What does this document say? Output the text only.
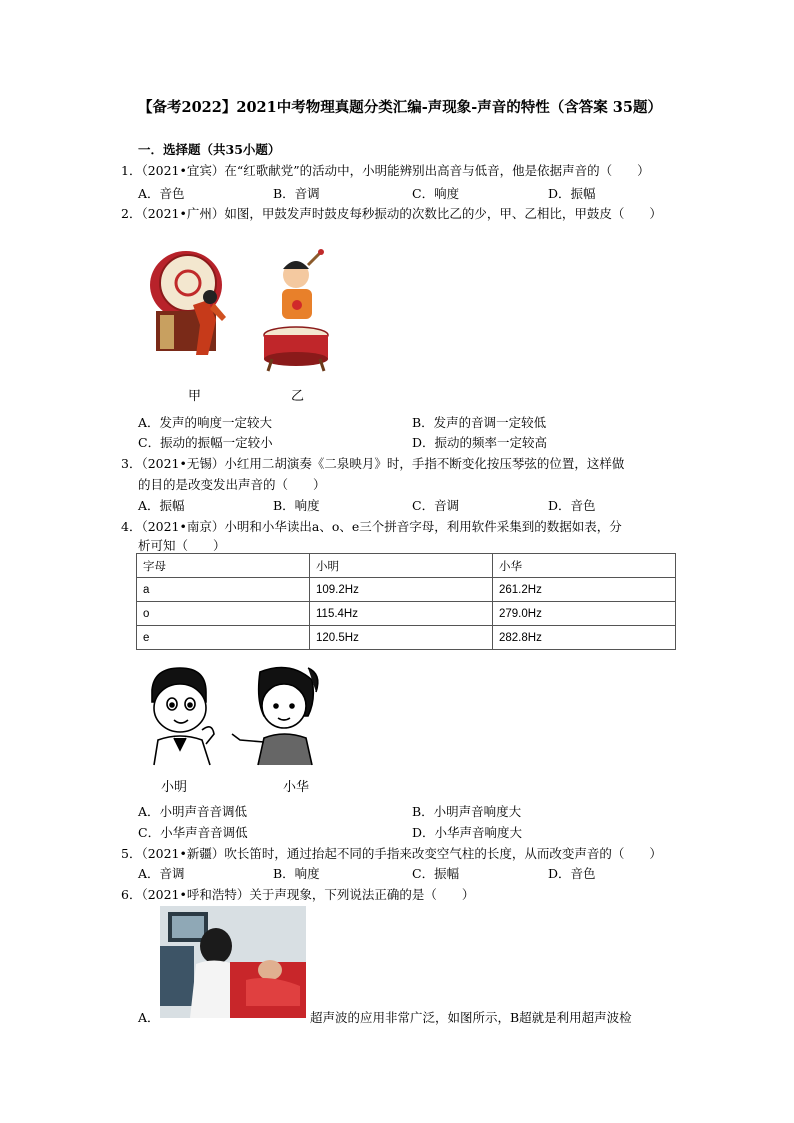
【备考2022】2021中考物理真题分类汇编-声现象-声音的特性（含答案 35题）
一．选择题（共35小题）
1．（2021•宜宾）在“红歌献党”的活动中，小明能辨别出高音与低音，他是依据声音的（　　）
A．音色	B．音调	C．响度	D．振幅
2．（2021•广州）如图，甲鼓发声时鼓皮每秒振动的次数比乙的少，甲、乙相比，甲鼓皮（　　）
甲	乙
A．发声的响度一定较大	B．发声的音调一定较低
C．振动的振幅一定较小	D．振动的频率一定较高
3．（2021•无锡）小红用二胡演奏《二泉映月》时，手指不断变化按压琴弦的位置，这样做
的目的是改变发出声音的（　　）
A．振幅	B．响度	C．音调	D．音色
4．（2021•南京）小明和小华读出a、o、e三个拼音字母，利用软件采集到的数据如表，分
析可知（　　）
字母	小明	小华
a	109.2Hz	261.2Hz
o	115.4Hz	279.0Hz
e	120.5Hz	282.8Hz
小明	小华
A．小明声音音调低	B．小明声音响度大
C．小华声音音调低	D．小华声音响度大
5．（2021•新疆）吹长笛时，通过抬起不同的手指来改变空气柱的长度，从而改变声音的（　　）
A．音调	B．响度	C．振幅	D．音色
6．（2021•呼和浩特）关于声现象，下列说法正确的是（　　）
A．	超声波的应用非常广泛，如图所示，B超就是利用超声波检
